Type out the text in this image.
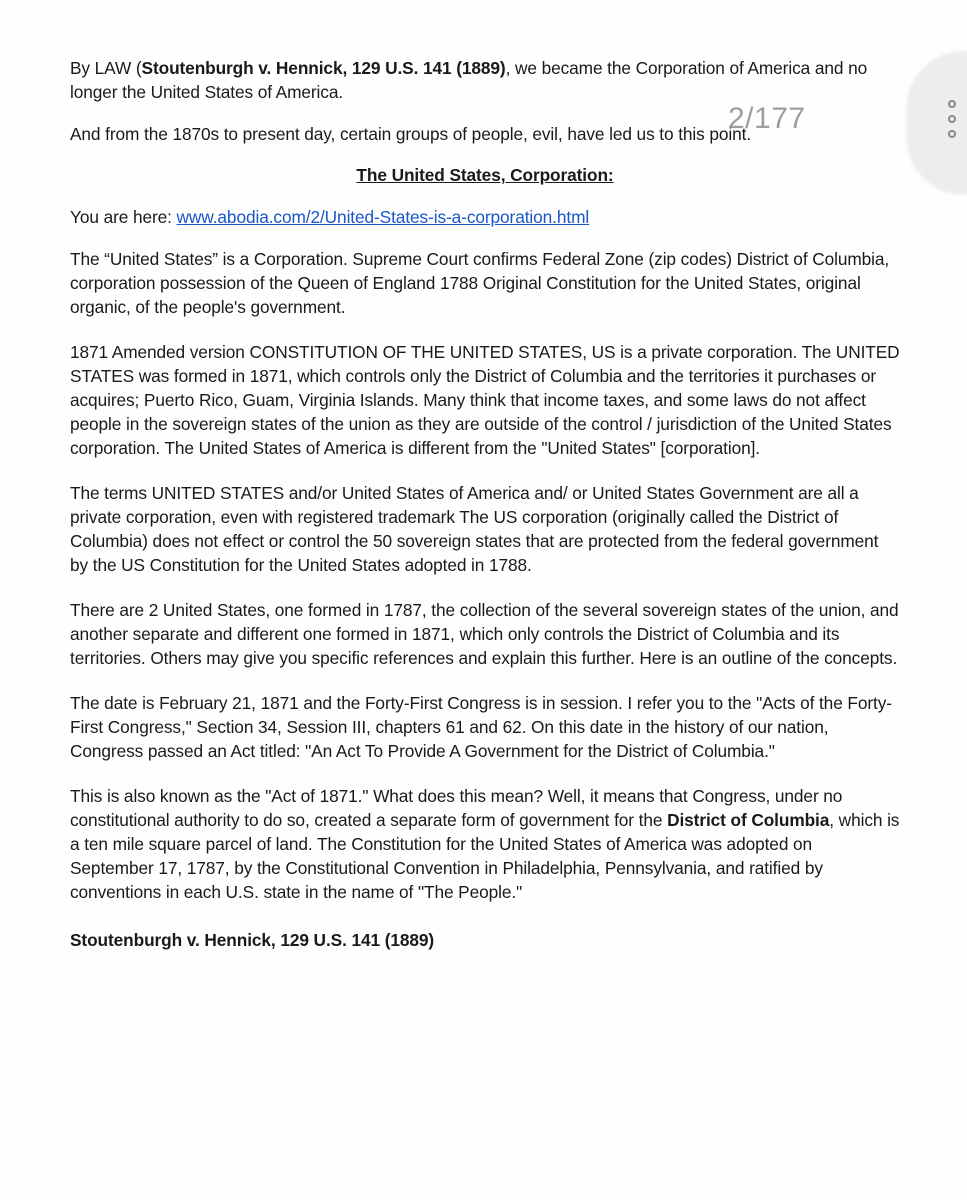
By LAW (Stoutenburgh v. Hennick, 129 U.S. 141 (1889), we became the Corporation of America and no longer the United States of America.

And from the 1870s to present day, certain groups of people, evil, have led us to this point.

The United States, Corporation:

You are here: www.abodia.com/2/United-States-is-a-corporation.html

The “United States” is a Corporation. Supreme Court confirms Federal Zone (zip codes) District of Columbia, corporation possession of the Queen of England 1788 Original Constitution for the United States, original organic, of the people's government.

1871 Amended version CONSTITUTION OF THE UNITED STATES, US is a private corporation. The UNITED STATES was formed in 1871, which controls only the District of Columbia and the territories it purchases or acquires; Puerto Rico, Guam, Virginia Islands. Many think that income taxes, and some laws do not affect people in the sovereign states of the union as they are outside of the control / jurisdiction of the United States corporation. The United States of America is different from the "United States" [corporation].

The terms UNITED STATES and/or United States of America and/ or United States Government are all a private corporation, even with registered trademark The US corporation (originally called the District of Columbia) does not effect or control the 50 sovereign states that are protected from the federal government by the US Constitution for the United States adopted in 1788.

There are 2 United States, one formed in 1787, the collection of the several sovereign states of the union, and another separate and different one formed in 1871, which only controls the District of Columbia and its territories. Others may give you specific references and explain this further. Here is an outline of the concepts.

The date is February 21, 1871 and the Forty-First Congress is in session. I refer you to the "Acts of the Forty-First Congress," Section 34, Session III, chapters 61 and 62. On this date in the history of our nation, Congress passed an Act titled: "An Act To Provide A Government for the District of Columbia."

This is also known as the "Act of 1871." What does this mean? Well, it means that Congress, under no constitutional authority to do so, created a separate form of government for the District of Columbia, which is a ten mile square parcel of land. The Constitution for the United States of America was adopted on September 17, 1787, by the Constitutional Convention in Philadelphia, Pennsylvania, and ratified by conventions in each U.S. state in the name of "The People."

Stoutenburgh v. Hennick, 129 U.S. 141 (1889)

2/177
